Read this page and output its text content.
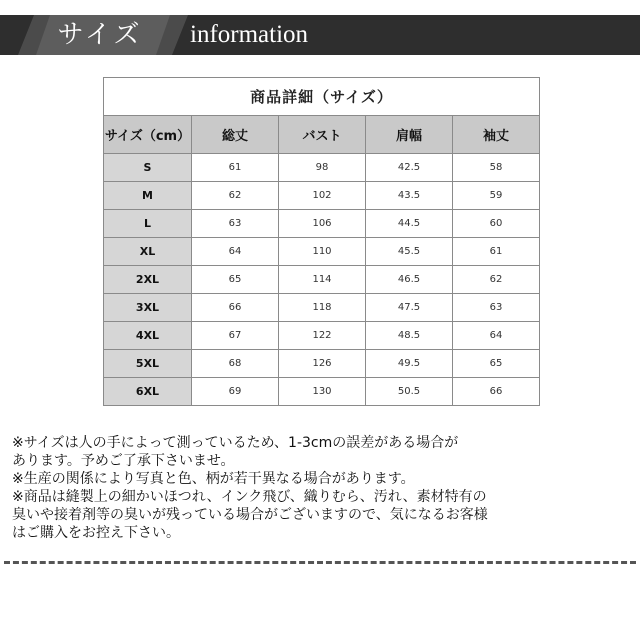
サイズ	information
商品詳細（サイズ）				
サイズ（cm）	総丈	バスト	肩幅	袖丈
S	61	98	42.5	58
M	62	102	43.5	59
L	63	106	44.5	60
XL	64	110	45.5	61
2XL	65	114	46.5	62
3XL	66	118	47.5	63
4XL	67	122	48.5	64
5XL	68	126	49.5	65
6XL	69	130	50.5	66
※サイズは人の手によって測っているため、1-3cmの誤差がある場合が
あります。予めご了承下さいませ。
※生産の関係により写真と色、柄が若干異なる場合があります。
※商品は縫製上の細かいほつれ、インク飛び、織りむら、汚れ、素材特有の
臭いや接着剤等の臭いが残っている場合がございますので、気になるお客様
はご購入をお控え下さい。
